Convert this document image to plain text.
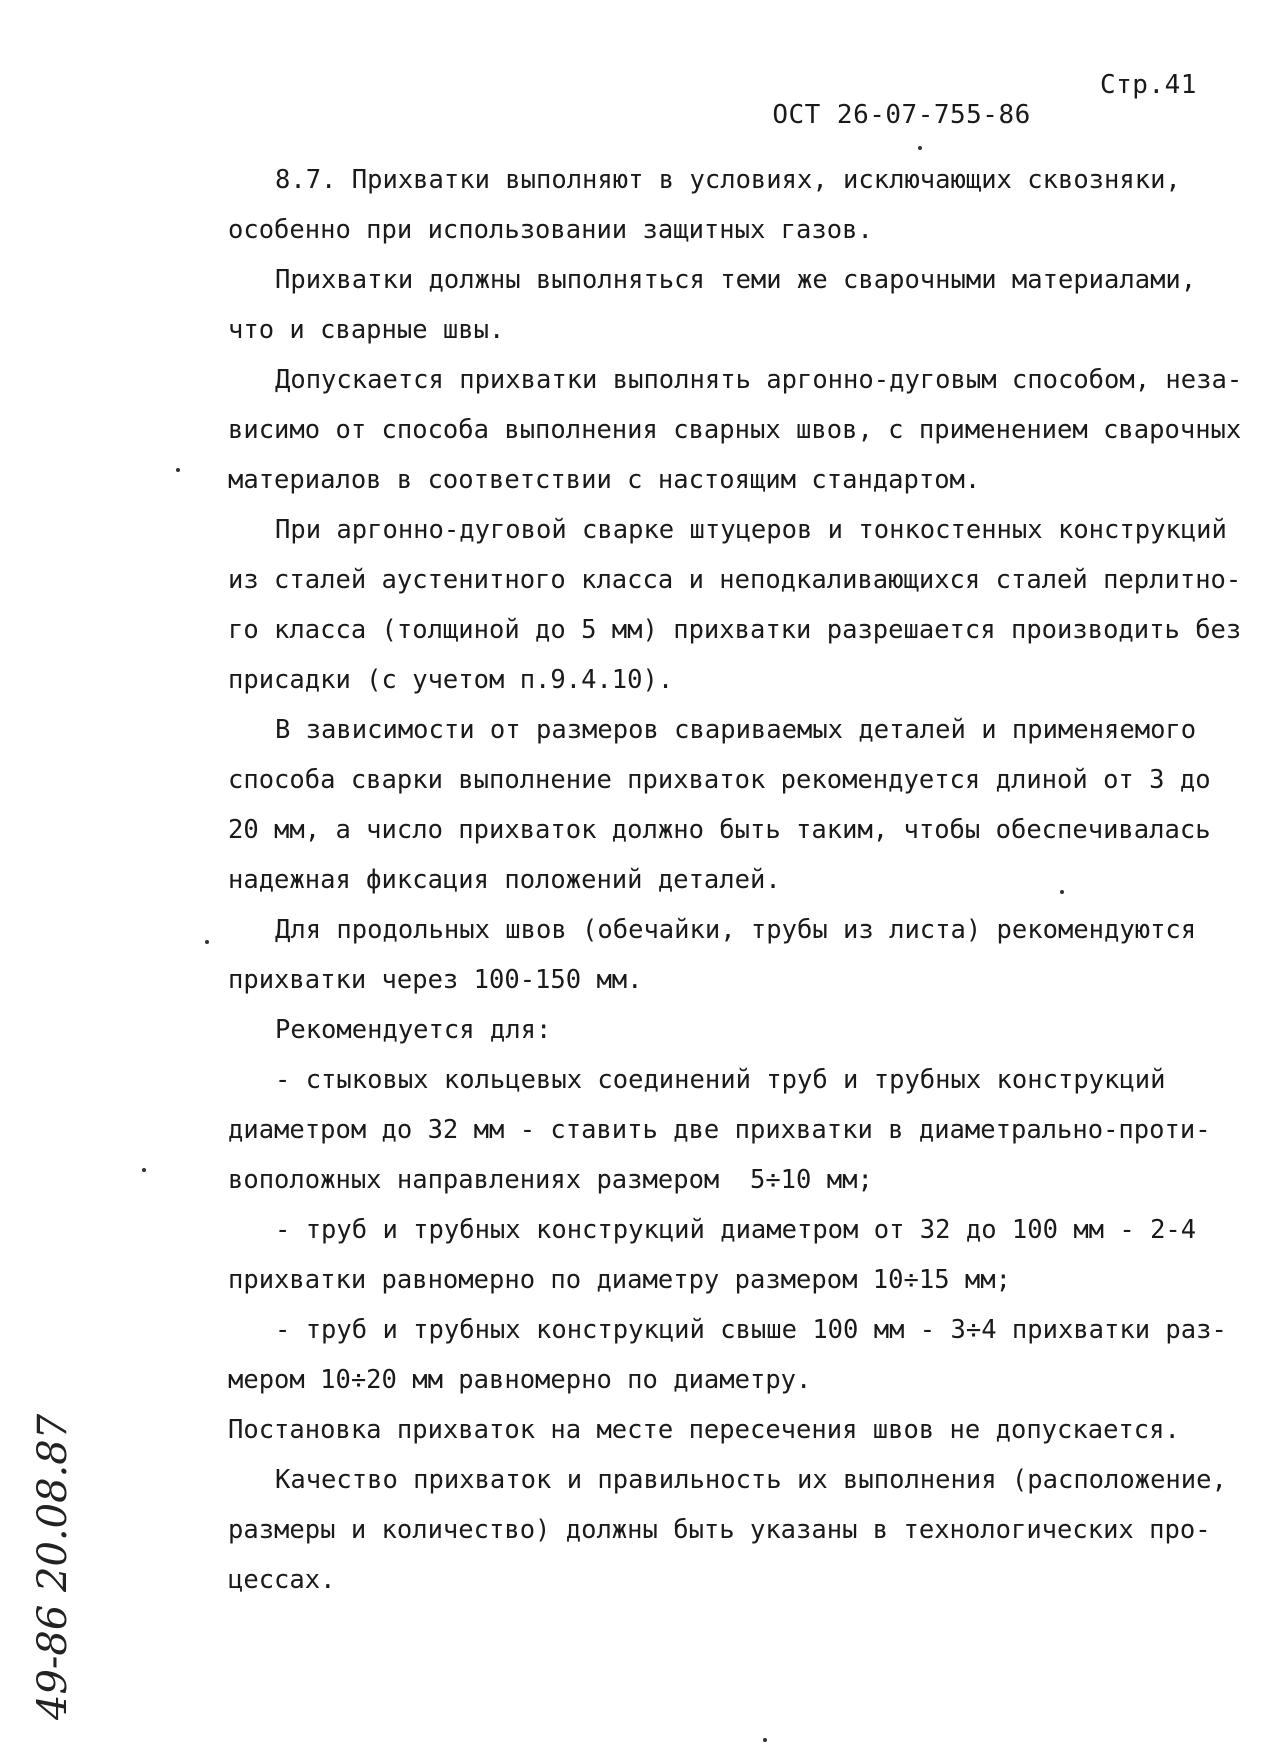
ОСТ 26-07-755-86

Стр.41

8.7. Прихватки выполняют в условиях, исключающих сквозняки,
особенно при использовании защитных газов.
Прихватки должны выполняться теми же сварочными материалами,
что и сварные швы.
Допускается прихватки выполнять аргонно-дуговым способом, неза-
висимо от способа выполнения сварных швов, с применением сварочных
материалов в соответствии с настоящим стандартом.
При аргонно-дуговой сварке штуцеров и тонкостенных конструкций
из сталей аустенитного класса и неподкаливающихся сталей перлитно-
го класса (толщиной до 5 мм) прихватки разрешается производить без
присадки (с учетом п.9.4.10).
В зависимости от размеров свариваемых деталей и применяемого
способа сварки выполнение прихваток рекомендуется длиной от 3 до
20 мм, а число прихваток должно быть таким, чтобы обеспечивалась
надежная фиксация положений деталей.
Для продольных швов (обечайки, трубы из листа) рекомендуются
прихватки через 100-150 мм.
Рекомендуется для:
- стыковых кольцевых соединений труб и трубных конструкций
диаметром до 32 мм - ставить две прихватки в диаметрально-проти-
воположных направлениях размером  5÷10 мм;
- труб и трубных конструкций диаметром от 32 до 100 мм - 2-4
прихватки равномерно по диаметру размером 10÷15 мм;
- труб и трубных конструкций свыше 100 мм - 3÷4 прихватки раз-
мером 10÷20 мм равномерно по диаметру.
Постановка прихваток на месте пересечения швов не допускается.
Качество прихваток и правильность их выполнения (расположение,
размеры и количество) должны быть указаны в технологических про-
цессах.
49-86 20.08.87
